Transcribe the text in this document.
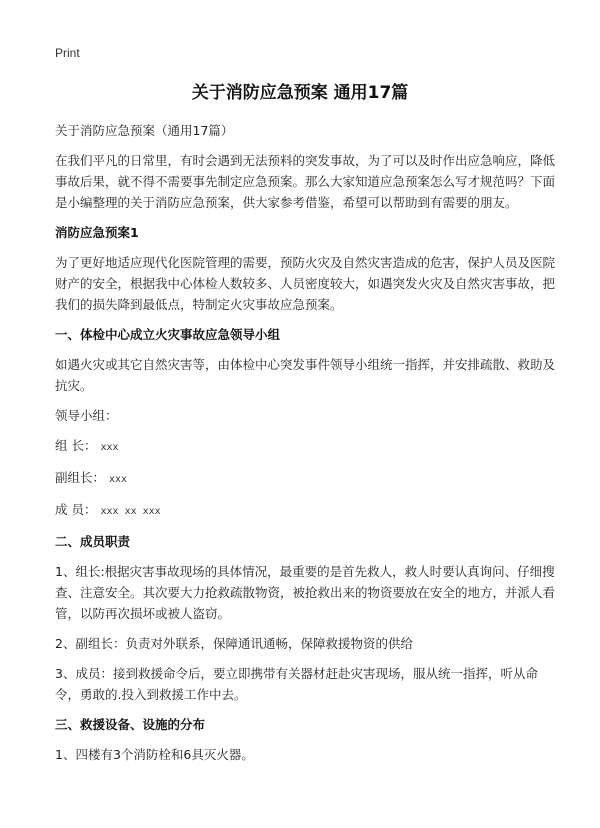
Print
关于消防应急预案 通用17篇

关于消防应急预案（通用17篇）

在我们平凡的日常里，有时会遇到无法预料的突发事故，为了可以及时作出应急响应，降低事故后果，就不得不需要事先制定应急预案。那么大家知道应急预案怎么写才规范吗？下面是小编整理的关于消防应急预案，供大家参考借鉴，希望可以帮助到有需要的朋友。

消防应急预案1

为了更好地适应现代化医院管理的需要，预防火灾及自然灾害造成的危害，保护人员及医院财产的安全，根据我中心体检人数较多、人员密度较大，如遇突发火灾及自然灾害事故，把我们的损失降到最低点，特制定火灾事故应急预案。

一、体检中心成立火灾事故应急领导小组

如遇火灾或其它自然灾害等，由体检中心突发事件领导小组统一指挥，并安排疏散、救助及抗灾。

领导小组：

组 长： xxx

副组长： xxx

成 员： xxx xx xxx

二、成员职责

1、组长:根据灾害事故现场的具体情况，最重要的是首先救人，救人时要认真询问、仔细搜查、注意安全。其次要大力抢救疏散物资，被抢救出来的物资要放在安全的地方，并派人看管，以防再次损坏或被人盗窃。

2、副组长：负责对外联系，保障通讯通畅，保障救援物资的供给

3、成员：接到救援命令后，要立即携带有关器材赶赴灾害现场，服从统一指挥，听从命令，勇敢的.投入到救援工作中去。

三、救援设备、设施的分布

1、四楼有3个消防栓和6具灭火器。
